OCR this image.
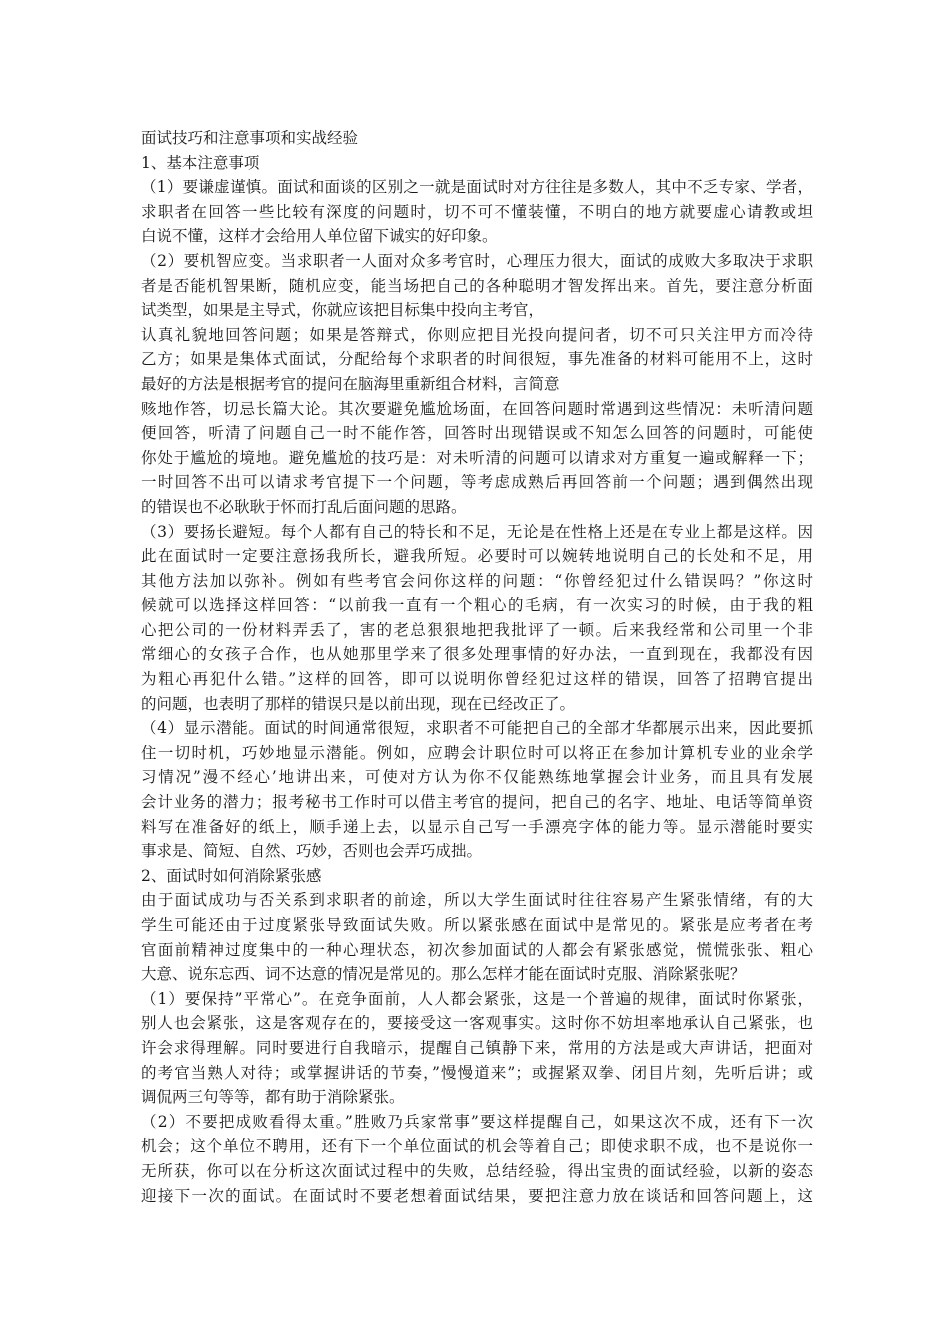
面试技巧和注意事项和实战经验
1、基本注意事项
（1）要谦虚谨慎。面试和面谈的区别之一就是面试时对方往往是多数人，其中不乏专家、学者，
求职者在回答一些比较有深度的问题时，切不可不懂装懂，不明白的地方就要虚心请教或坦
白说不懂，这样才会给用人单位留下诚实的好印象。
（2）要机智应变。当求职者一人面对众多考官时，心理压力很大，面试的成败大多取决于求职
者是否能机智果断，随机应变，能当场把自己的各种聪明才智发挥出来。首先，要注意分析面
试类型，如果是主导式，你就应该把目标集中投向主考官，
认真礼貌地回答问题；如果是答辩式，你则应把目光投向提问者，切不可只关注甲方而冷待
乙方；如果是集体式面试，分配给每个求职者的时间很短，事先准备的材料可能用不上，这时
最好的方法是根据考官的提问在脑海里重新组合材料，言简意
赅地作答，切忌长篇大论。其次要避免尴尬场面，在回答问题时常遇到这些情况：未听清问题
便回答，听清了问题自己一时不能作答，回答时出现错误或不知怎么回答的问题时，可能使
你处于尴尬的境地。避免尴尬的技巧是：对未听清的问题可以请求对方重复一遍或解释一下；
一时回答不出可以请求考官提下一个问题，等考虑成熟后再回答前一个问题；遇到偶然出现
的错误也不必耿耿于怀而打乱后面问题的思路。
（3）要扬长避短。每个人都有自己的特长和不足，无论是在性格上还是在专业上都是这样。因
此在面试时一定要注意扬我所长，避我所短。必要时可以婉转地说明自己的长处和不足，用
其他方法加以弥补。例如有些考官会问你这样的问题：“你曾经犯过什么错误吗？”你这时
候就可以选择这样回答：“以前我一直有一个粗心的毛病，有一次实习的时候，由于我的粗
心把公司的一份材料弄丢了，害的老总狠狠地把我批评了一顿。后来我经常和公司里一个非
常细心的女孩子合作，也从她那里学来了很多处理事情的好办法，一直到现在，我都没有因
为粗心再犯什么错。”这样的回答，即可以说明你曾经犯过这样的错误，回答了招聘官提出
的问题，也表明了那样的错误只是以前出现，现在已经改正了。
（4）显示潜能。面试的时间通常很短，求职者不可能把自己的全部才华都展示出来，因此要抓
住一切时机，巧妙地显示潜能。例如，应聘会计职位时可以将正在参加计算机专业的业余学
习情况”漫不经心’地讲出来，可使对方认为你不仅能熟练地掌握会计业务，而且具有发展
会计业务的潜力；报考秘书工作时可以借主考官的提问，把自己的名字、地址、电话等简单资
料写在准备好的纸上，顺手递上去，以显示自己写一手漂亮字体的能力等。显示潜能时要实
事求是、简短、自然、巧妙，否则也会弄巧成拙。
2、面试时如何消除紧张感
由于面试成功与否关系到求职者的前途，所以大学生面试时往往容易产生紧张情绪，有的大
学生可能还由于过度紧张导致面试失败。所以紧张感在面试中是常见的。紧张是应考者在考
官面前精神过度集中的一种心理状态，初次参加面试的人都会有紧张感觉，慌慌张张、粗心
大意、说东忘西、词不达意的情况是常见的。那么怎样才能在面试时克服、消除紧张呢？
（1）要保持”平常心”。在竞争面前，人人都会紧张，这是一个普遍的规律，面试时你紧张，
别人也会紧张，这是客观存在的，要接受这一客观事实。这时你不妨坦率地承认自己紧张，也
许会求得理解。同时要进行自我暗示，提醒自己镇静下来，常用的方法是或大声讲话，把面对
的考官当熟人对待；或掌握讲话的节奏，”慢慢道来”；或握紧双拳、闭目片刻，先听后讲；或
调侃两三句等等，都有助于消除紧张。
（2）不要把成败看得太重。”胜败乃兵家常事”要这样提醒自己，如果这次不成，还有下一次
机会；这个单位不聘用，还有下一个单位面试的机会等着自己；即使求职不成，也不是说你一
无所获，你可以在分析这次面试过程中的失败，总结经验，得出宝贵的面试经验，以新的姿态
迎接下一次的面试。在面试时不要老想着面试结果，要把注意力放在谈话和回答问题上，这
